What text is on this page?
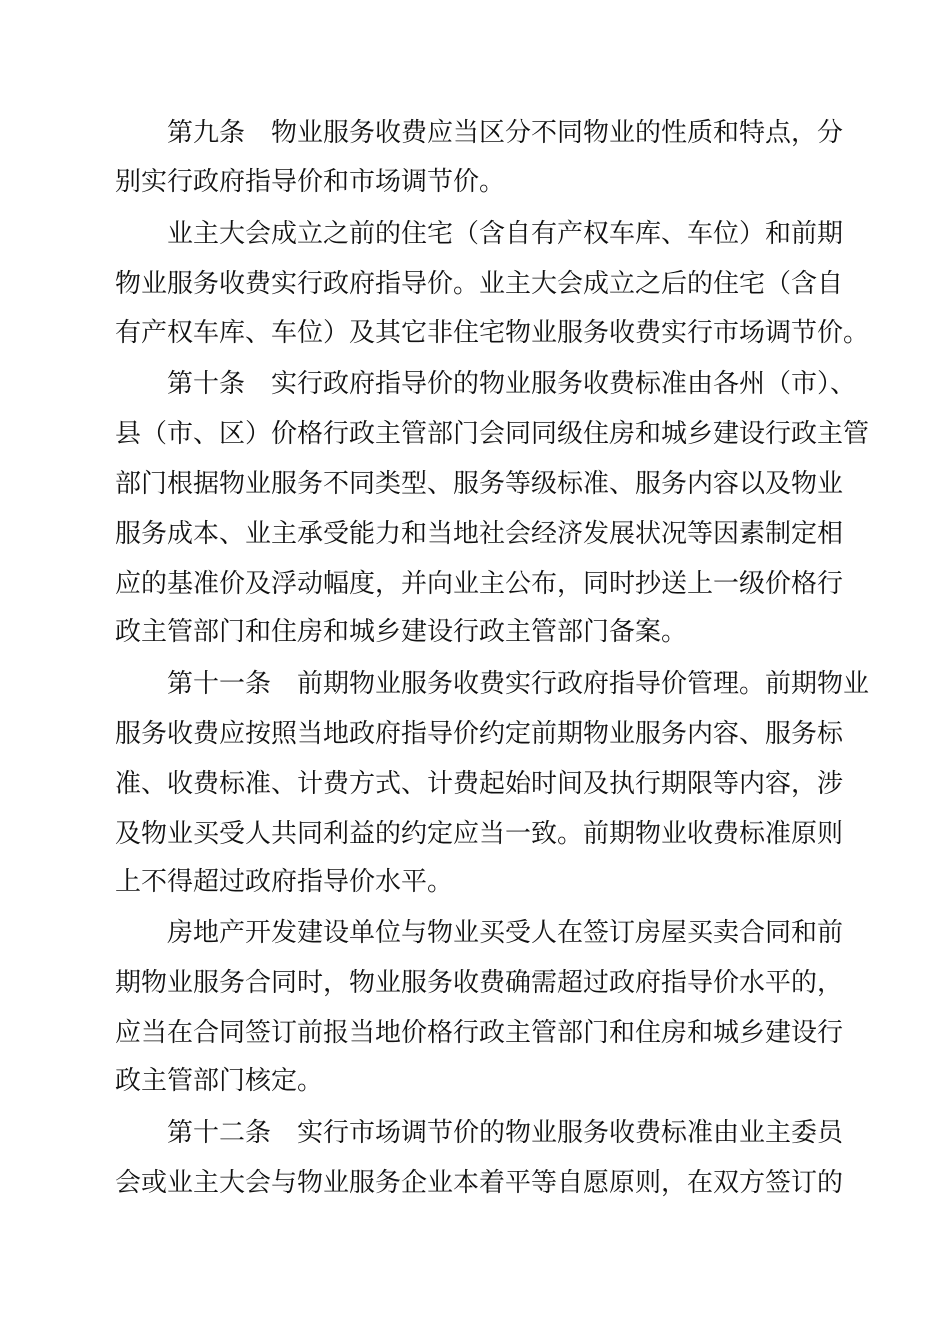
第九条　物业服务收费应当区分不同物业的性质和特点，分
别实行政府指导价和市场调节价。
业主大会成立之前的住宅（含自有产权车库、车位）和前期
物业服务收费实行政府指导价。业主大会成立之后的住宅（含自
有产权车库、车位）及其它非住宅物业服务收费实行市场调节价。
第十条　实行政府指导价的物业服务收费标准由各州（市）、
县（市、区）价格行政主管部门会同同级住房和城乡建设行政主管
部门根据物业服务不同类型、服务等级标准、服务内容以及物业
服务成本、业主承受能力和当地社会经济发展状况等因素制定相
应的基准价及浮动幅度，并向业主公布，同时抄送上一级价格行
政主管部门和住房和城乡建设行政主管部门备案。
第十一条　前期物业服务收费实行政府指导价管理。前期物业
服务收费应按照当地政府指导价约定前期物业服务内容、服务标
准、收费标准、计费方式、计费起始时间及执行期限等内容，涉
及物业买受人共同利益的约定应当一致。前期物业收费标准原则
上不得超过政府指导价水平。
房地产开发建设单位与物业买受人在签订房屋买卖合同和前
期物业服务合同时，物业服务收费确需超过政府指导价水平的，
应当在合同签订前报当地价格行政主管部门和住房和城乡建设行
政主管部门核定。
第十二条　实行市场调节价的物业服务收费标准由业主委员
会或业主大会与物业服务企业本着平等自愿原则，在双方签订的
